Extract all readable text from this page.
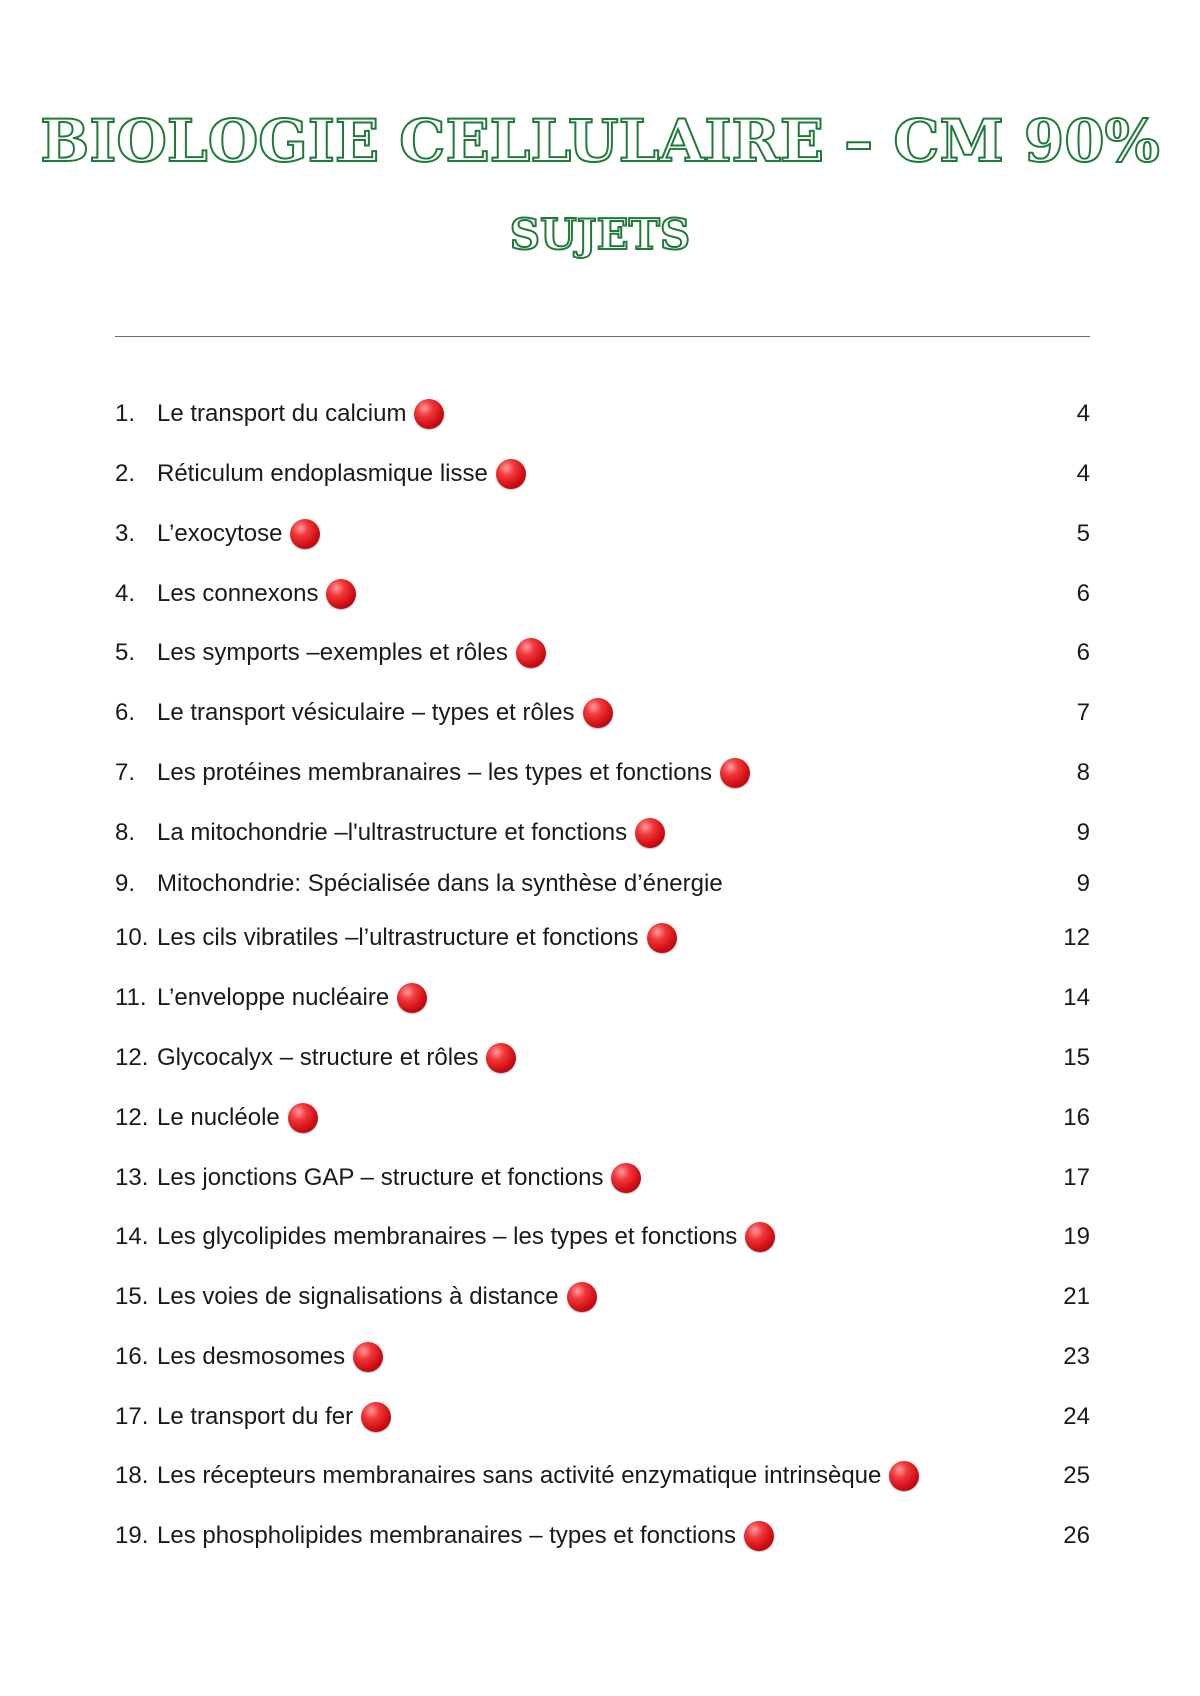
BIOLOGIE CELLULAIRE – CM 90%
SUJETS
1. Le transport du calcium	4
2. Réticulum endoplasmique lisse	4
3. L’exocytose	5
4. Les connexons	6
5. Les symports –exemples et rôles	6
6. Le transport vésiculaire – types et rôles	7
7. Les protéines membranaires – les types et fonctions	8
8. La mitochondrie –l'ultrastructure et fonctions	9
9. Mitochondrie: Spécialisée dans la synthèse d’énergie	9
10. Les cils vibratiles –l’ultrastructure et fonctions	12
11. L’enveloppe nucléaire	14
12. Glycocalyx – structure et rôles	15
12. Le nucléole	16
13. Les jonctions GAP – structure et fonctions	17
14. Les glycolipides membranaires – les types et fonctions	19
15. Les voies de signalisations à distance	21
16. Les desmosomes	23
17. Le transport du fer	24
18. Les récepteurs membranaires sans activité enzymatique intrinsèque	25
19. Les phospholipides membranaires – types et fonctions	26
